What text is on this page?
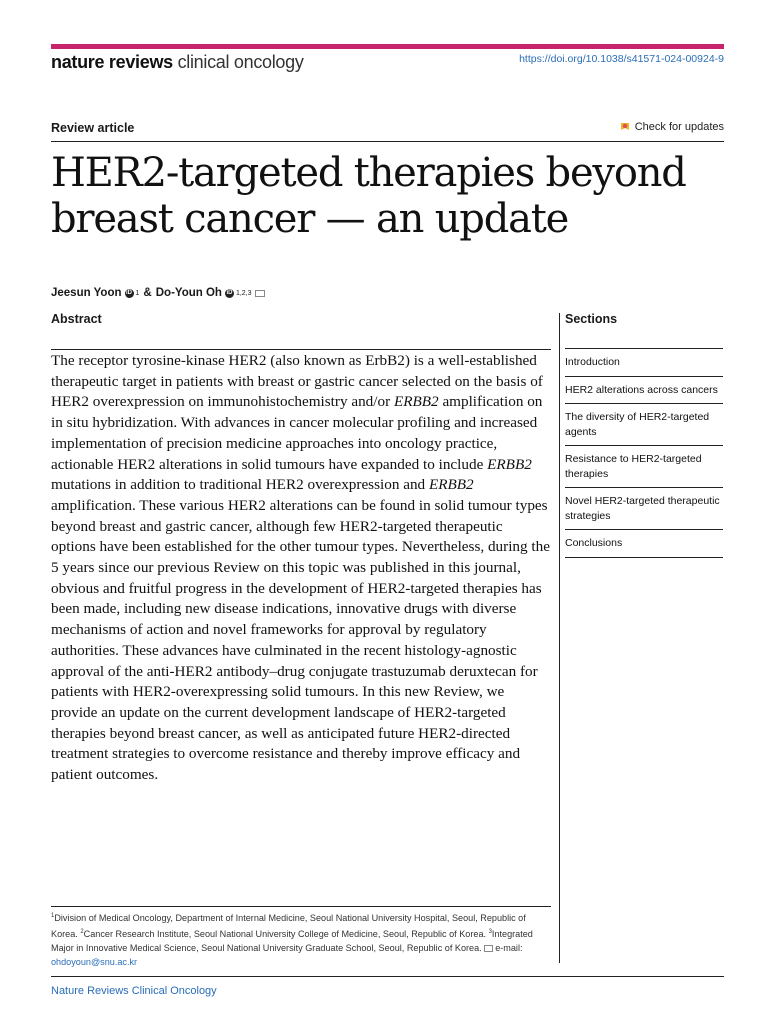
nature reviews clinical oncology	https://doi.org/10.1038/s41571-024-00924-9
Review article	Check for updates
HER2-targeted therapies beyond breast cancer — an update
Jeesun Yoon iD 1 & Do-Youn Oh iD 1,2,3
Abstract

The receptor tyrosine-kinase HER2 (also known as ErbB2) is a well-established therapeutic target in patients with breast or gastric cancer selected on the basis of HER2 overexpression on immunohistochemistry and/or ERBB2 amplification on in situ hybridization. With advances in cancer molecular profiling and increased implementation of precision medicine approaches into oncology practice, actionable HER2 alterations in solid tumours have expanded to include ERBB2 mutations in addition to traditional HER2 overexpression and ERBB2 amplification. These various HER2 alterations can be found in solid tumour types beyond breast and gastric cancer, although few HER2-targeted therapeutic options have been established for the other tumour types. Nevertheless, during the 5 years since our previous Review on this topic was published in this journal, obvious and fruitful progress in the development of HER2-targeted therapies has been made, including new disease indications, innovative drugs with diverse mechanisms of action and novel frameworks for approval by regulatory authorities. These advances have culminated in the recent histology-agnostic approval of the anti-HER2 antibody–drug conjugate trastuzumab deruxtecan for patients with HER2-overexpressing solid tumours. In this new Review, we provide an update on the current development landscape of HER2-targeted therapies beyond breast cancer, as well as anticipated future HER2-directed treatment strategies to overcome resistance and thereby improve efficacy and patient outcomes.

Sections
Introduction
HER2 alterations across cancers
The diversity of HER2-targeted agents
Resistance to HER2-targeted therapies
Novel HER2-targeted therapeutic strategies
Conclusions

$^1$Division of Medical Oncology, Department of Internal Medicine, Seoul National University Hospital, Seoul, Republic of Korea. $^2$Cancer Research Institute, Seoul National University College of Medicine, Seoul, Republic of Korea. $^3$Integrated Major in Innovative Medical Science, Seoul National University Graduate School, Seoul, Republic of Korea. e-mail: ohdoyoun@snu.ac.kr

Nature Reviews Clinical Oncology
